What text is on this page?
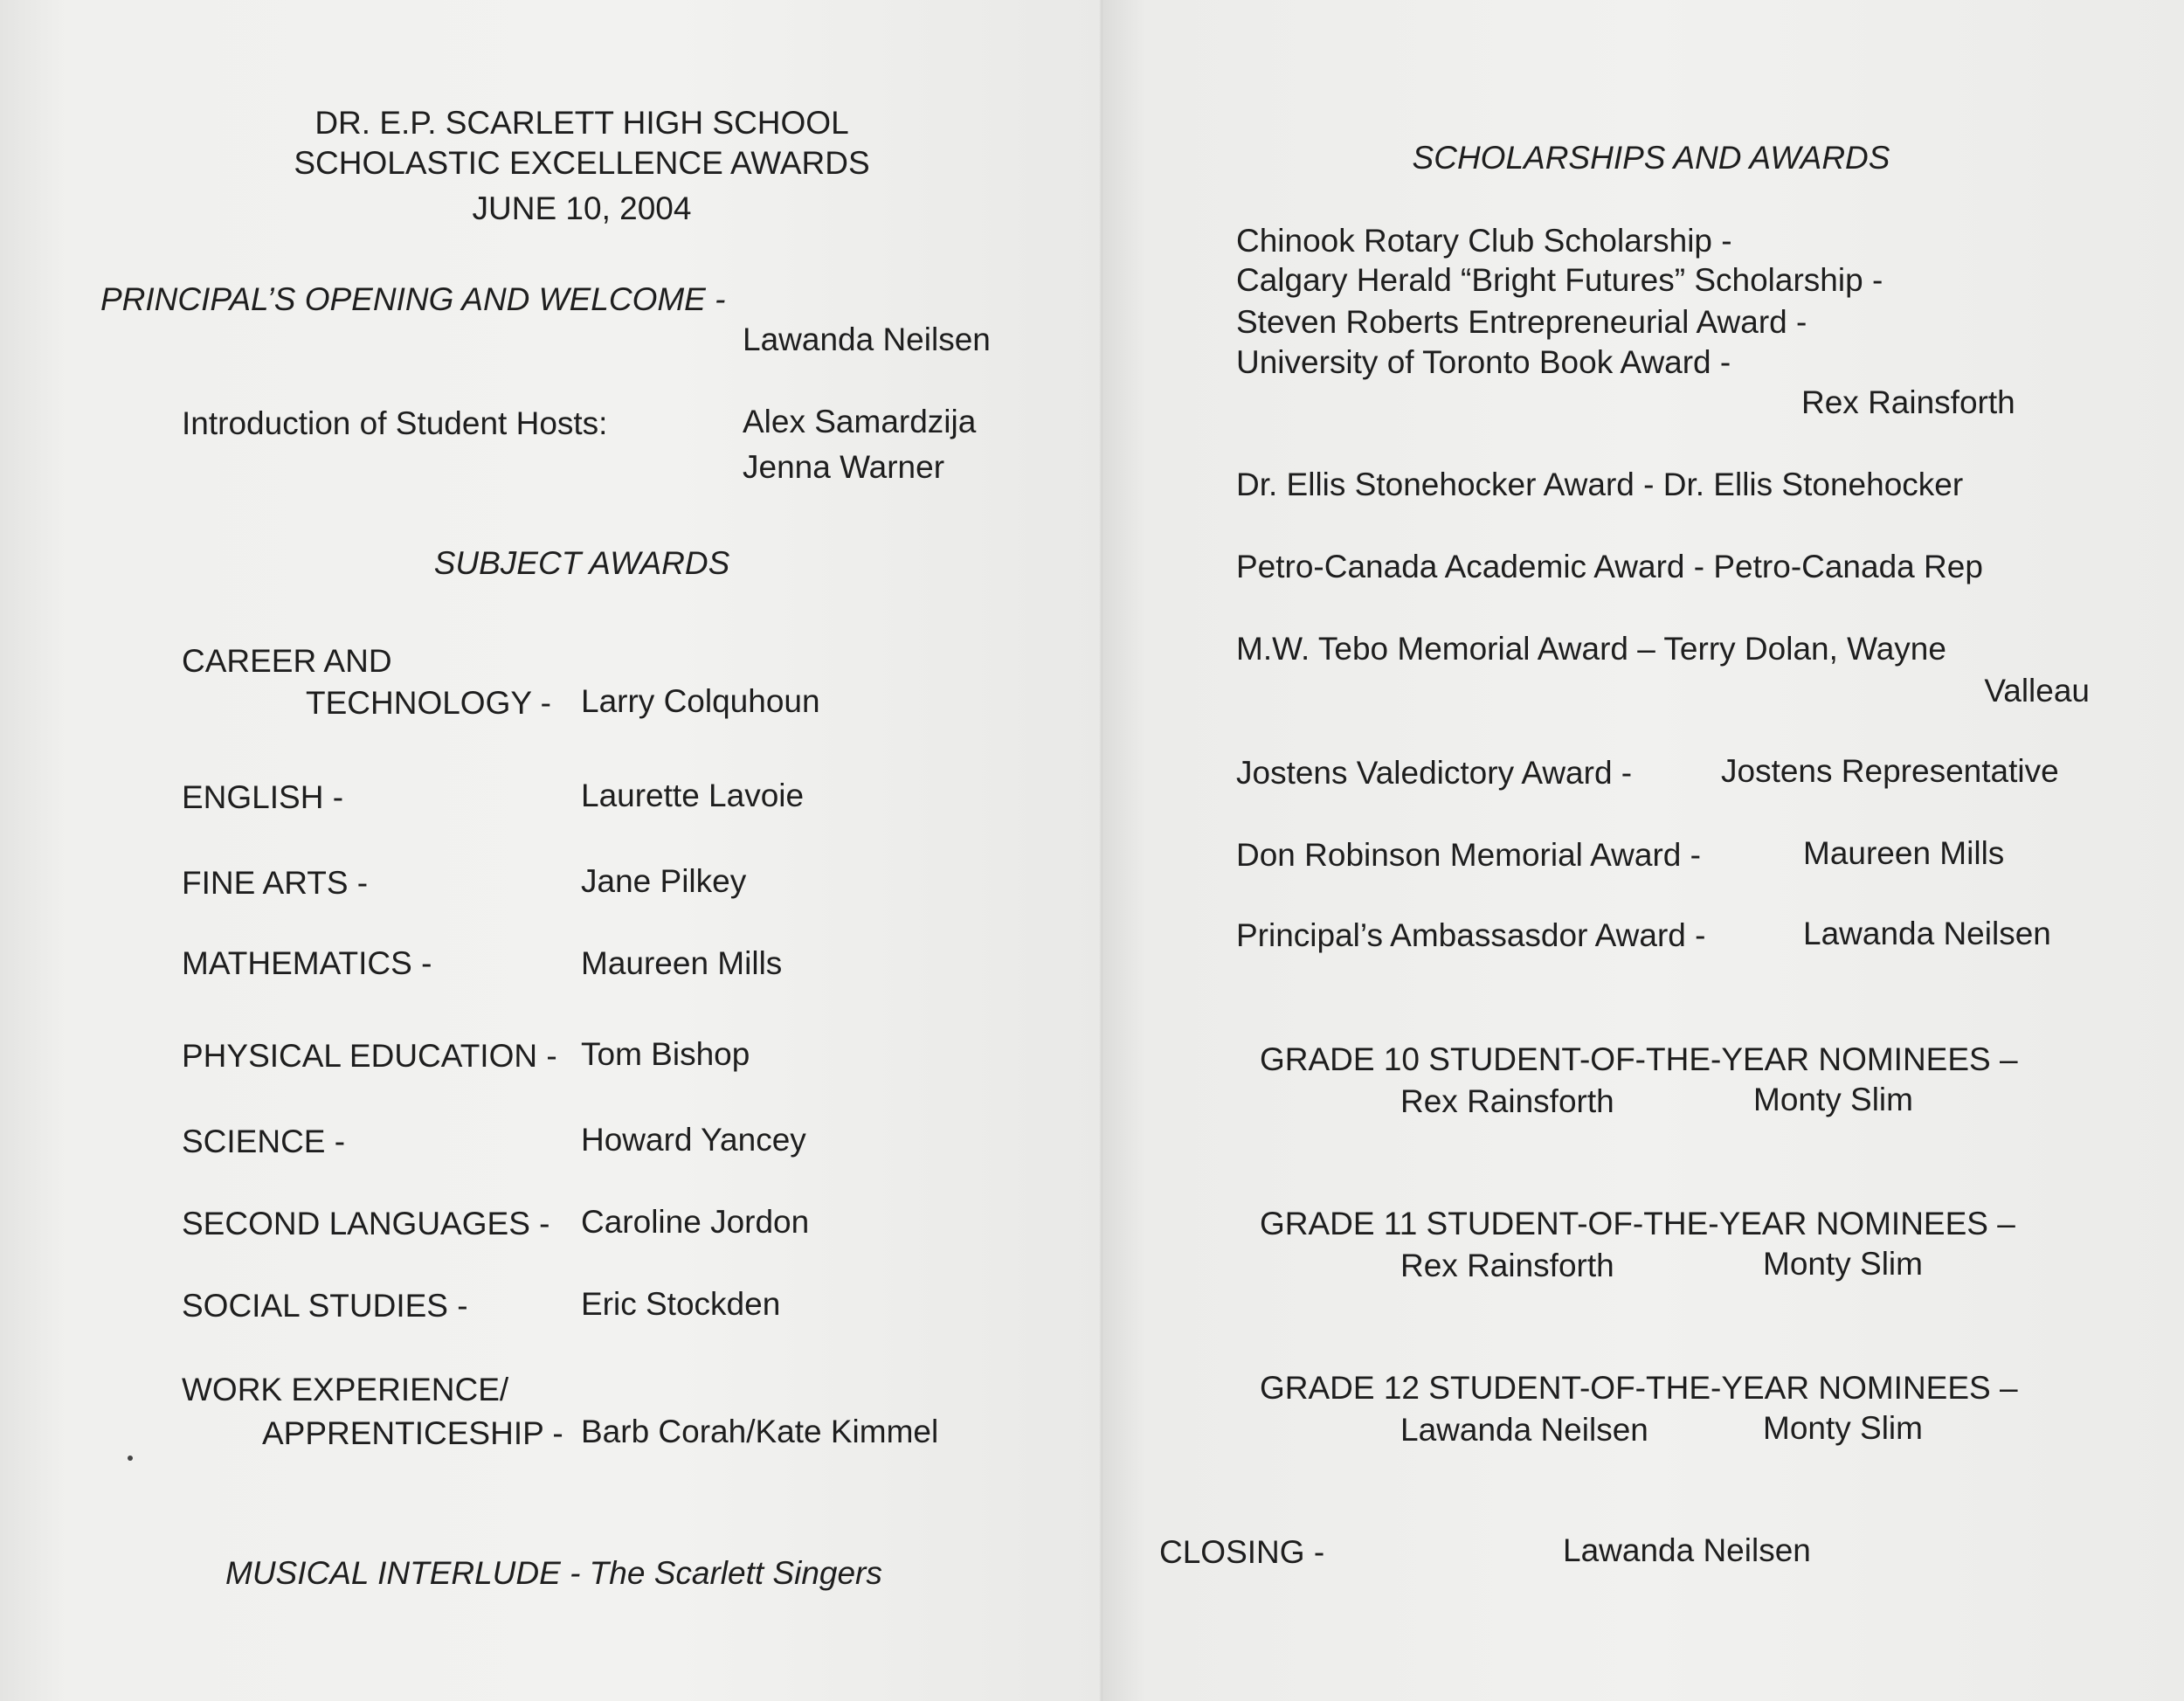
DR. E.P. SCARLETT HIGH SCHOOL
SCHOLASTIC EXCELLENCE AWARDS
JUNE 10, 2004
PRINCIPAL’S OPENING AND WELCOME -
Lawanda Neilsen
Introduction of Student Hosts:	Alex Samardzija
Jenna Warner
SUBJECT AWARDS
CAREER AND
TECHNOLOGY - Larry Colquhoun
ENGLISH -	Laurette Lavoie
FINE ARTS -	Jane Pilkey
MATHEMATICS -	Maureen Mills
PHYSICAL EDUCATION - Tom Bishop
SCIENCE -	Howard Yancey
SECOND LANGUAGES - Caroline Jordon
SOCIAL STUDIES -	Eric Stockden
WORK EXPERIENCE/
APPRENTICESHIP - Barb Corah/Kate Kimmel
MUSICAL INTERLUDE - The Scarlett Singers
SCHOLARSHIPS AND AWARDS
Chinook Rotary Club Scholarship -
Calgary Herald “Bright Futures” Scholarship -
Steven Roberts Entrepreneurial Award -
University of Toronto Book Award -
Rex Rainsforth
Dr. Ellis Stonehocker Award - Dr. Ellis Stonehocker
Petro-Canada Academic Award - Petro-Canada Rep
M.W. Tebo Memorial Award – Terry Dolan, Wayne
Valleau
Jostens Valedictory Award -	Jostens Representative
Don Robinson Memorial Award -	Maureen Mills
Principal’s Ambassasdor Award -	Lawanda Neilsen
GRADE 10 STUDENT-OF-THE-YEAR NOMINEES –
Rex Rainsforth	Monty Slim
GRADE 11 STUDENT-OF-THE-YEAR NOMINEES –
Rex Rainsforth	Monty Slim
GRADE 12 STUDENT-OF-THE-YEAR NOMINEES –
Lawanda Neilsen	Monty Slim
CLOSING -	Lawanda Neilsen
